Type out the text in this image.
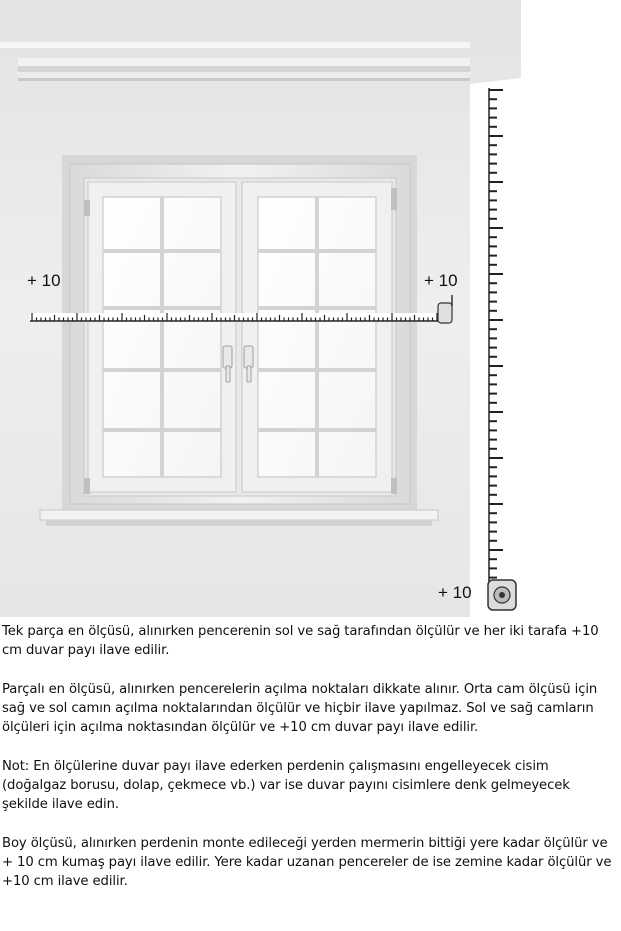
+ 10	+ 10
+ 10

Tek parça en ölçüsü, alınırken pencerenin sol ve sağ tarafından ölçülür ve her iki tarafa +10 cm duvar payı ilave edilir.

Parçalı en ölçüsü, alınırken pencerelerin açılma noktaları dikkate alınır. Orta cam ölçüsü için sağ ve sol camın açılma noktalarından ölçülür ve hiçbir ilave yapılmaz. Sol ve sağ camların ölçüleri için açılma noktasından ölçülür ve +10 cm duvar payı ilave edilir.

Not: En ölçülerine duvar payı ilave ederken perdenin çalışmasını engelleyecek cisim (doğalgaz borusu, dolap, çekmece vb.) var ise duvar payını cisimlere denk gelmeyecek şekilde ilave edin.

Boy ölçüsü, alınırken perdenin monte edileceği yerden mermerin bittiği yere kadar ölçülür ve + 10 cm kumaş payı ilave edilir. Yere kadar uzanan pencereler de ise zemine kadar ölçülür ve +10 cm ilave edilir.
